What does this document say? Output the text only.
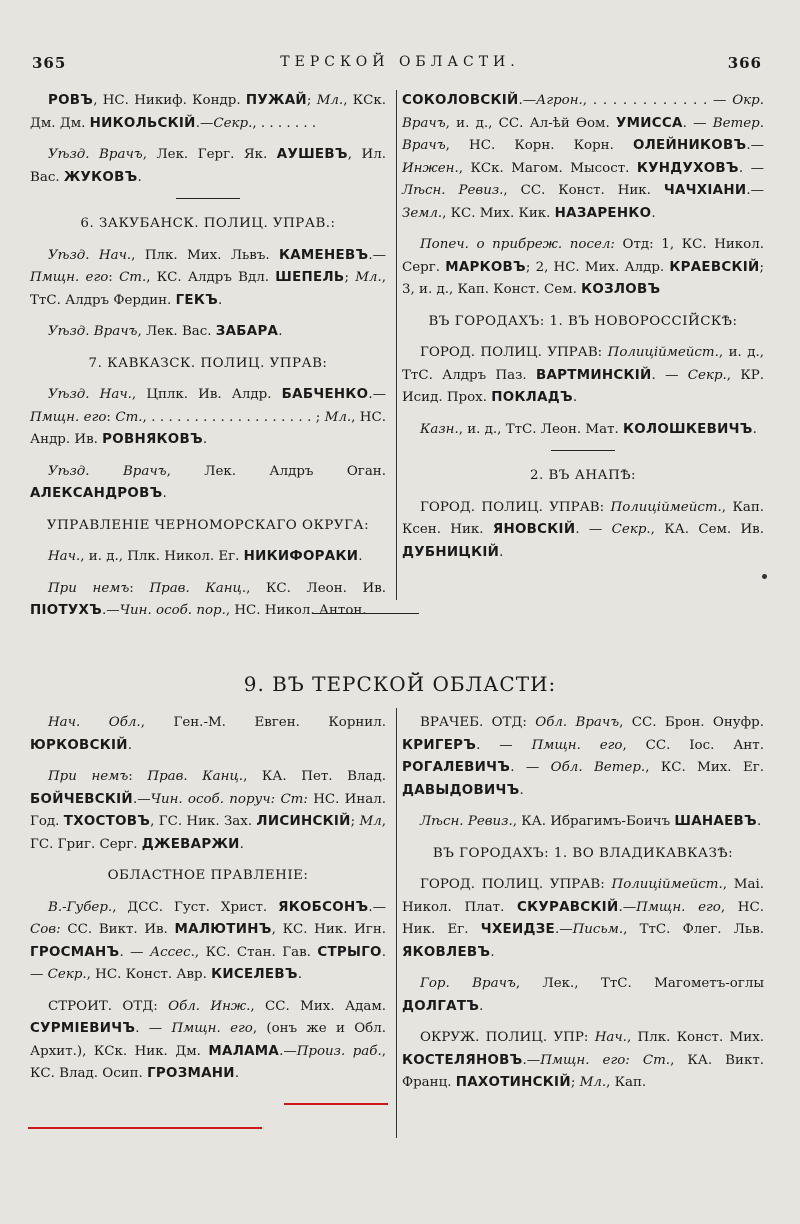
365	ТЕРСКОЙ ОБЛАСТИ.	366

РОВЪ, НС. Никиф. Кондр. ПУЖАЙ; Мл., КСк. Дм. Дм. НИКОЛЬСКІЙ.—Секр., . . . . . . .

Уѣзд. Врачъ, Лек. Герг. Як. АУШЕВЪ, Ил. Вас. ЖУКОВЪ.

6. ЗАКУБАНСК. ПОЛИЦ. УПРАВ.:

Уѣзд. Нач., Плк. Мих. Львъ. КАМЕНЕВЪ.—Пмщн. его: Ст., КС. Алдръ Вдл. ШЕПЕЛЬ; Мл., ТтС. Алдръ Фердин. ГЕКЪ.

Уѣзд. Врачъ, Лек. Вас. ЗАБАРА.

7. КАВКАЗСК. ПОЛИЦ. УПРАВ:

Уѣзд. Нач., Цплк. Ив. Алдр. БАБЧЕНКО.—Пмщн. его: Ст., . . . . . . . . . . . . . . . . . . . ; Мл., НС. Андр. Ив. РОВНЯКОВЪ.

Уѣзд. Врачъ, Лек. Алдръ Оган. АЛЕКСАНДРОВЪ.

УПРАВЛЕНІЕ ЧЕРНОМОРСКАГО ОКРУГА:

Нач., и. д., Плк. Никол. Ег. НИКИФОРАКИ.

При немъ: Прав. Канц., КС. Леон. Ив. ПІОТУХЪ.—Чин. особ. пор., НС. Никол. Антон.

СОКОЛОВСКІЙ.—Агрон., . . . . . . . . . . . . — Окр. Врачъ, и. д., СС. Ал-ѣй Ѳом. УМИССА. — Ветер. Врачъ, НС. Корн. Корн. ОЛЕЙНИКОВЪ.—Инжен., КСк. Магом. Мысост. КУНДУХОВЪ. —Лѣсн. Ревиз., СС. Конст. Ник. ЧАЧХІАНИ.—Земл., КС. Мих. Кик. НАЗАРЕНКО.

Попеч. о прибреж. посел: Отд: 1, КС. Никол. Серг. МАРКОВЪ; 2, НС. Мих. Алдр. КРАЕВСКІЙ; 3, и. д., Кап. Конст. Сем. КОЗЛОВЪ

ВЪ ГОРОДАХЪ: 1. ВЪ НОВОРОССІЙСКѢ:

ГОРОД. ПОЛИЦ. УПРАВ: Полиціймейст., и. д., ТтС. Алдръ Паз. ВАРТМИНСКІЙ. — Секр., КР. Исид. Прох. ПОКЛАДЪ.

Казн., и. д., ТтС. Леон. Мат. КОЛОШКЕВИЧЪ.

2. ВЪ АНАПѢ:

ГОРОД. ПОЛИЦ. УПРАВ: Полиціймейст., Кап. Ксен. Ник. ЯНОВСКІЙ. — Секр., КА. Сем. Ив. ДУБНИЦКІЙ.

9. ВЪ ТЕРСКОЙ ОБЛАСТИ:

Нач. Обл., Ген.-М. Евген. Корнил. ЮРКОВСКІЙ.

При немъ: Прав. Канц., КА. Пет. Влад. БОЙЧЕВСКІЙ.—Чин. особ. поруч: Ст: НС. Инал. Год. ТХОСТОВЪ, ГС. Ник. Зах. ЛИСИНСКІЙ; Мл, ГС. Григ. Серг. ДЖЕВАРЖИ.

ОБЛАСТНОЕ ПРАВЛЕНІЕ:

В.-Губер., ДСС. Густ. Христ. ЯКОБСОНЪ.—Сов: СС. Викт. Ив. МАЛЮТИНЪ, КС. Ник. Игн. ГРОСМАНЪ. — Ассес., КС. Стан. Гав. СТРЫГО. — Секр., НС. Конст. Авр. КИСЕЛЕВЪ.

СТРОИТ. ОТД: Обл. Инж., СС. Мих. Адам. СУРМІЕВИЧЪ. — Пмщн. его, (онъ же и Обл. Архит.), КСк. Ник. Дм. МАЛАМА.—Произ. раб., КС. Влад. Осип. ГРОЗМАНИ.

ВРАЧЕБ. ОТД: Обл. Врачъ, СС. Брон. Онуфр. КРИГЕРЪ. — Пмщн. его, СС. Іос. Ант. РОГАЛЕВИЧЪ. — Обл. Ветер., КС. Мих. Ег. ДАВЫДОВИЧЪ.

Лѣсн. Ревиз., КА. Ибрагимъ-Боичъ ШАНАЕВЪ.

ВЪ ГОРОДАХЪ: 1. ВО ВЛАДИКАВКАЗѢ:

ГОРОД. ПОЛИЦ. УПРАВ: Полиціймейст., Маі. Никол. Плат. СКУРАВСКІЙ.—Пмщн. его, НС. Ник. Ег. ЧХЕИДЗЕ.—Письм., ТтС. Флег. Льв. ЯКОВЛЕВЪ.

Гор. Врачъ, Лек., ТтС. Магометъ-оглы ДОЛГАТЪ.

ОКРУЖ. ПОЛИЦ. УПР: Нач., Плк. Конст. Мих. КОСТЕЛЯНОВЪ.—Пмщн. его: Ст., КА. Викт. Франц. ПАХОТИНСКІЙ; Мл., Кап.
